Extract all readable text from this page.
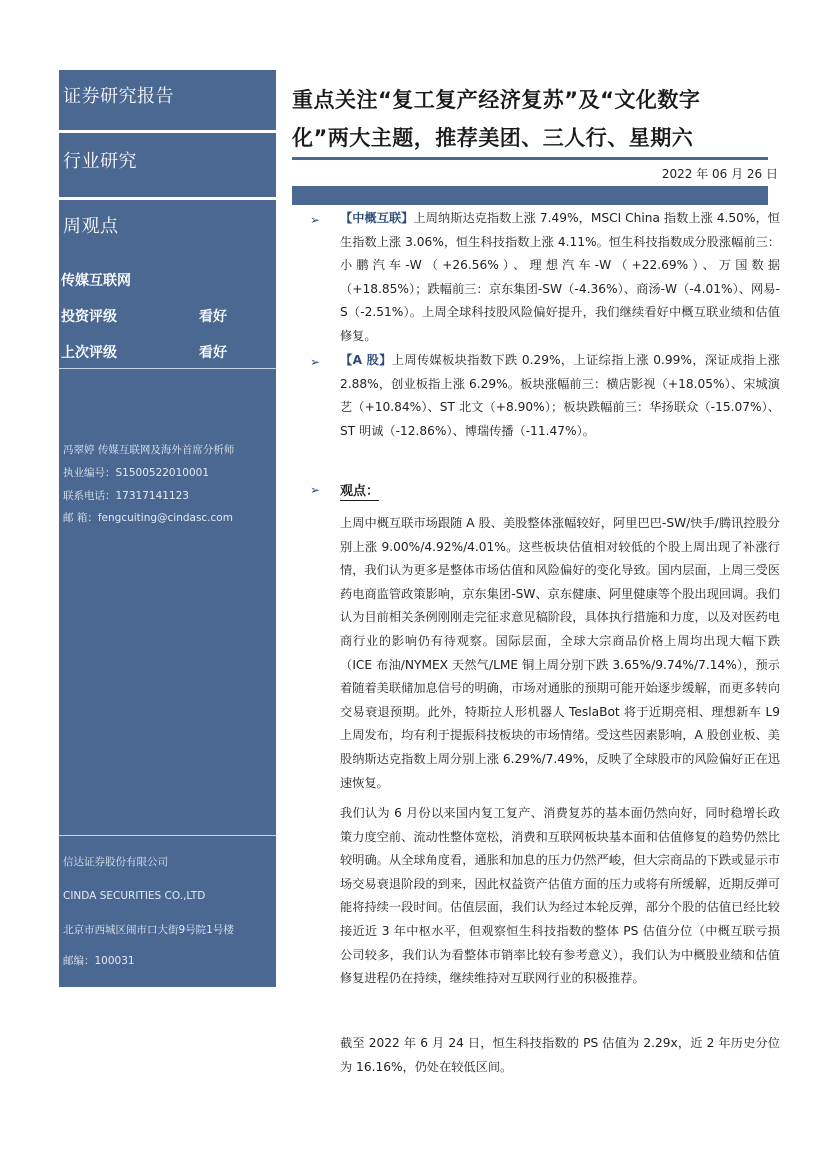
证券研究报告
行业研究
周观点
传媒互联网
投资评级	看好
上次评级	看好
冯翠婷 传媒互联网及海外首席分析师
执业编号：S1500522010001
联系电话：17317141123
邮 箱：fengcuiting@cindasc.com
信达证券股份有限公司
CINDA SECURITIES CO.,LTD
北京市西城区闹市口大街9号院1号楼
邮编：100031
重点关注“复工复产经济复苏”及“文化数字
化”两大主题，推荐美团、三人行、星期六
2022 年 06 月 26 日
➢ 【中概互联】上周纳斯达克指数上涨 7.49%，MSCI China 指数上涨 4.50%，恒生指数上涨 3.06%，恒生科技指数上涨 4.11%。恒生科技指数成分股涨幅前三：小鹏汽车-W（+26.56%）、理想汽车-W（+22.69%）、万国数据（+18.85%）；跌幅前三：京东集团-SW（-4.36%）、商汤-W（-4.01%）、网易-S（-2.51%）。上周全球科技股风险偏好提升，我们继续看好中概互联业绩和估值修复。
➢ 【A 股】上周传媒板块指数下跌 0.29%，上证综指上涨 0.99%，深证成指上涨 2.88%，创业板指上涨 6.29%。板块涨幅前三：横店影视（+18.05%）、宋城演艺（+10.84%）、ST 北文（+8.90%）；板块跌幅前三：华扬联众（-15.07%）、ST 明诚（-12.86%）、博瑞传播（-11.47%）。
➢ 观点：
上周中概互联市场跟随 A 股、美股整体涨幅较好，阿里巴巴-SW/快手/腾讯控股分别上涨 9.00%/4.92%/4.01%。这些板块估值相对较低的个股上周出现了补涨行情，我们认为更多是整体市场估值和风险偏好的变化导致。国内层面，上周三受医药电商监管政策影响，京东集团-SW、京东健康、阿里健康等个股出现回调。我们认为目前相关条例刚刚走完征求意见稿阶段，具体执行措施和力度，以及对医药电商行业的影响仍有待观察。国际层面，全球大宗商品价格上周均出现大幅下跌（ICE 布油/NYMEX 天然气/LME 铜上周分别下跌 3.65%/9.74%/7.14%），预示着随着美联储加息信号的明确，市场对通胀的预期可能开始逐步缓解，而更多转向交易衰退预期。此外，特斯拉人形机器人 TeslaBot 将于近期亮相、理想新车 L9 上周发布，均有利于提振科技板块的市场情绪。受这些因素影响，A 股创业板、美股纳斯达克指数上周分别上涨 6.29%/7.49%，反映了全球股市的风险偏好正在迅速恢复。
我们认为 6 月份以来国内复工复产、消费复苏的基本面仍然向好，同时稳增长政策力度空前、流动性整体宽松，消费和互联网板块基本面和估值修复的趋势仍然比较明确。从全球角度看，通胀和加息的压力仍然严峻，但大宗商品的下跌或显示市场交易衰退阶段的到来，因此权益资产估值方面的压力或将有所缓解，近期反弹可能将持续一段时间。估值层面，我们认为经过本轮反弹，部分个股的估值已经比较接近近 3 年中枢水平，但观察恒生科技指数的整体 PS 估值分位（中概互联亏损公司较多，我们认为看整体市销率比较有参考意义），我们认为中概股业绩和估值修复进程仍在持续，继续维持对互联网行业的积极推荐。
截至 2022 年 6 月 24 日，恒生科技指数的 PS 估值为 2.29x，近 2 年历史分位为 16.16%，仍处在较低区间。
